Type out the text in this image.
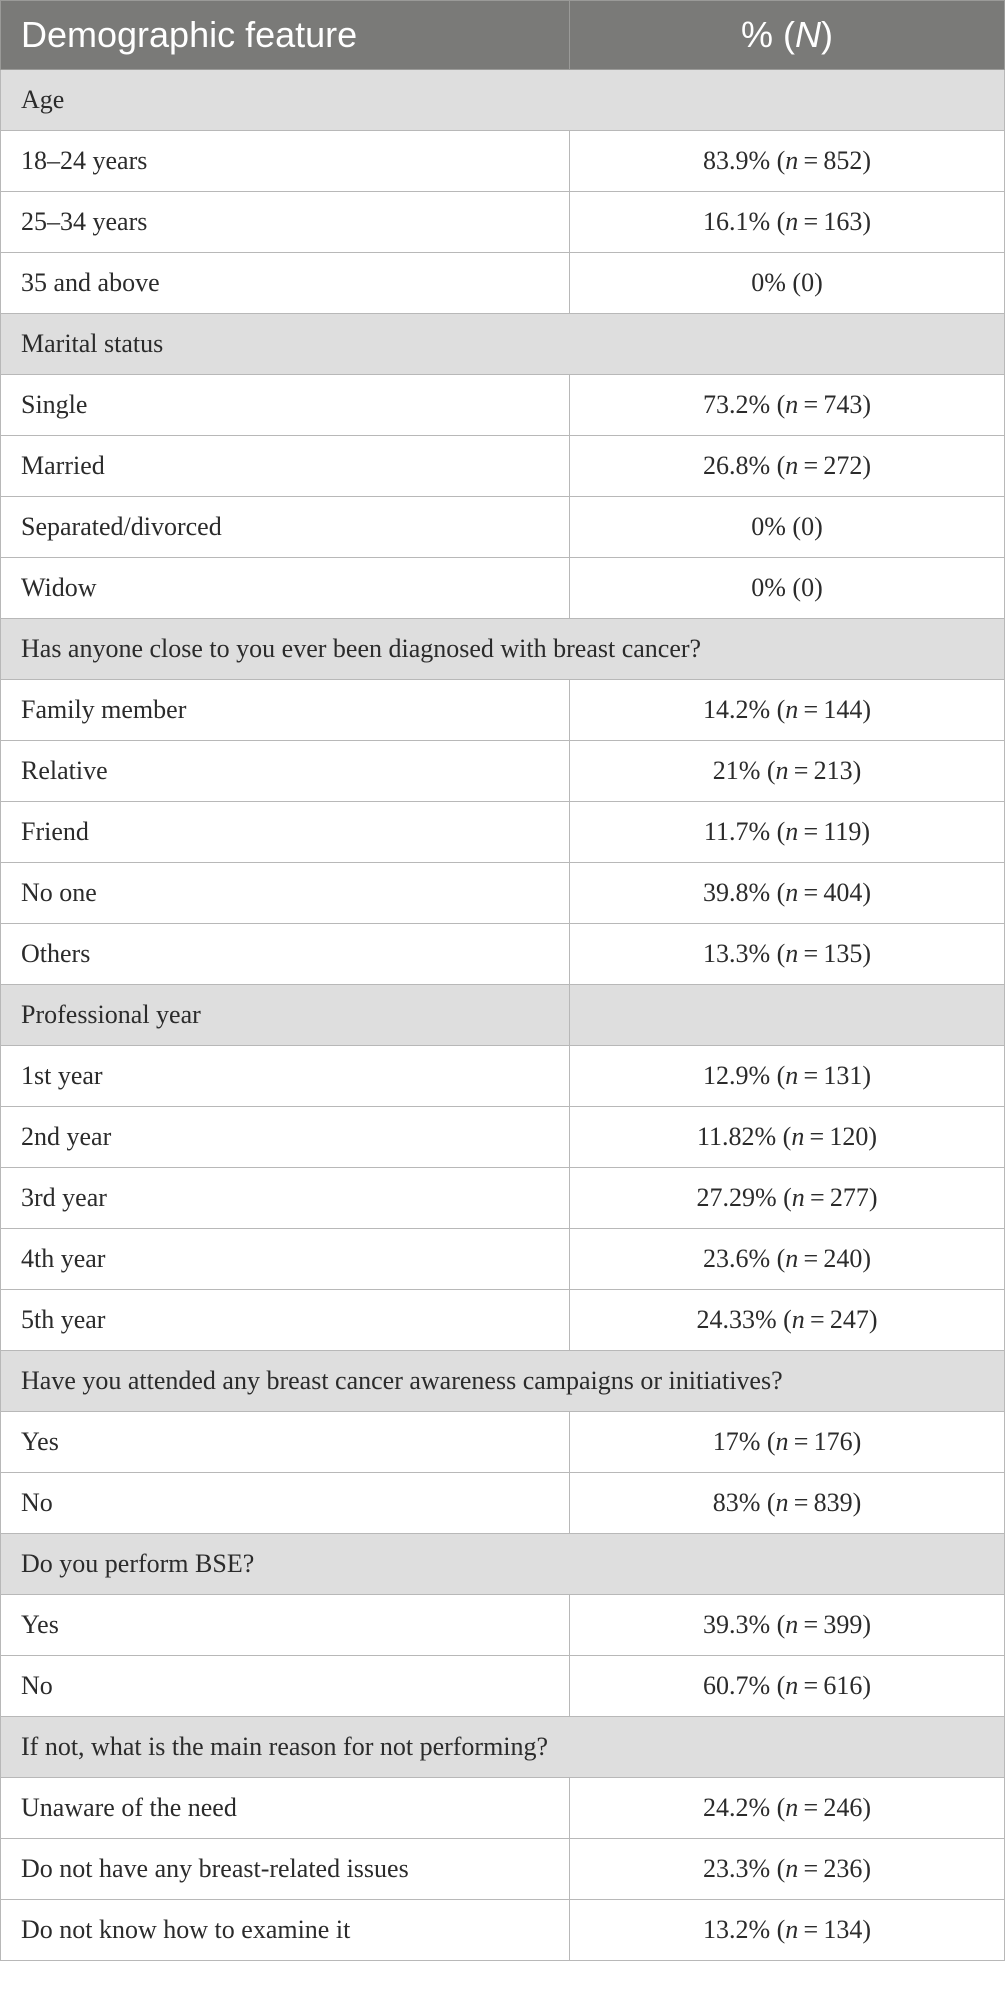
Demographic feature	% (N)
Age	
18–24 years	83.9% (n = 852)
25–34 years	16.1% (n = 163)
35 and above	0% (0)
Marital status	
Single	73.2% (n = 743)
Married	26.8% (n = 272)
Separated/divorced	0% (0)
Widow	0% (0)
Has anyone close to you ever been diagnosed with breast cancer?	
Family member	14.2% (n = 144)
Relative	21% (n = 213)
Friend	11.7% (n = 119)
No one	39.8% (n = 404)
Others	13.3% (n = 135)
Professional year	
1st year	12.9% (n = 131)
2nd year	11.82% (n = 120)
3rd year	27.29% (n = 277)
4th year	23.6% (n = 240)
5th year	24.33% (n = 247)
Have you attended any breast cancer awareness campaigns or initiatives?	
Yes	17% (n = 176)
No	83% (n = 839)
Do you perform BSE?	
Yes	39.3% (n = 399)
No	60.7% (n = 616)
If not, what is the main reason for not performing?	
Unaware of the need	24.2% (n = 246)
Do not have any breast-related issues	23.3% (n = 236)
Do not know how to examine it	13.2% (n = 134)
